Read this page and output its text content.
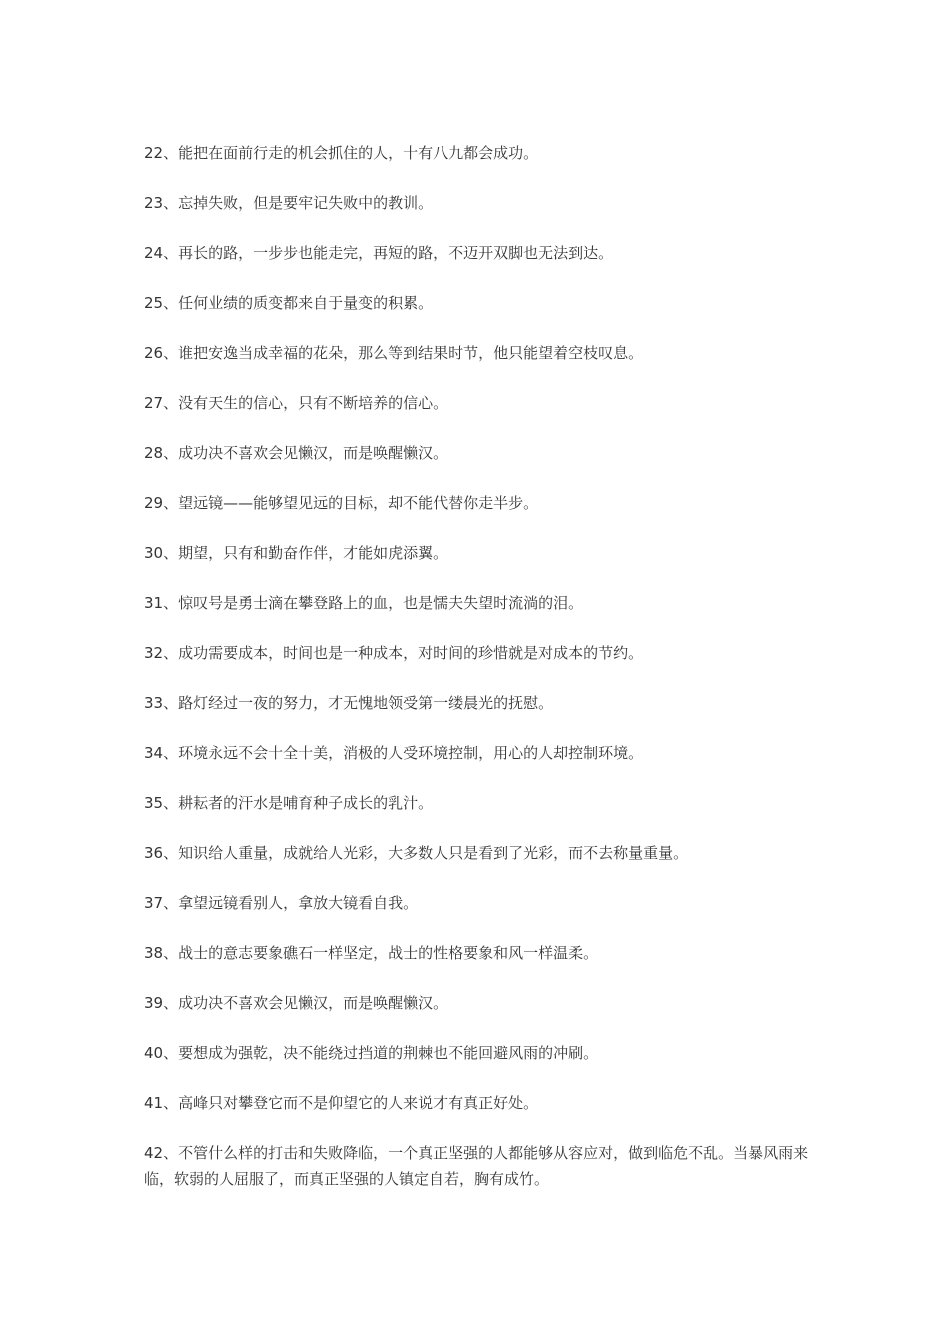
22、能把在面前行走的机会抓住的人，十有八九都会成功。
23、忘掉失败，但是要牢记失败中的教训。
24、再长的路，一步步也能走完，再短的路，不迈开双脚也无法到达。
25、任何业绩的质变都来自于量变的积累。
26、谁把安逸当成幸福的花朵，那么等到结果时节，他只能望着空枝叹息。
27、没有天生的信心，只有不断培养的信心。
28、成功决不喜欢会见懒汉，而是唤醒懒汉。
29、望远镜——能够望见远的目标，却不能代替你走半步。
30、期望，只有和勤奋作伴，才能如虎添翼。
31、惊叹号是勇士滴在攀登路上的血，也是懦夫失望时流淌的泪。
32、成功需要成本，时间也是一种成本，对时间的珍惜就是对成本的节约。
33、路灯经过一夜的努力，才无愧地领受第一缕晨光的抚慰。
34、环境永远不会十全十美，消极的人受环境控制，用心的人却控制环境。
35、耕耘者的汗水是哺育种子成长的乳汁。
36、知识给人重量，成就给人光彩，大多数人只是看到了光彩，而不去称量重量。
37、拿望远镜看别人，拿放大镜看自我。
38、战士的意志要象礁石一样坚定，战士的性格要象和风一样温柔。
39、成功决不喜欢会见懒汉，而是唤醒懒汉。
40、要想成为强乾，决不能绕过挡道的荆棘也不能回避风雨的冲刷。
41、高峰只对攀登它而不是仰望它的人来说才有真正好处。
42、不管什么样的打击和失败降临，一个真正坚强的人都能够从容应对，做到临危不乱。当暴风雨来临，软弱的人屈服了，而真正坚强的人镇定自若，胸有成竹。
